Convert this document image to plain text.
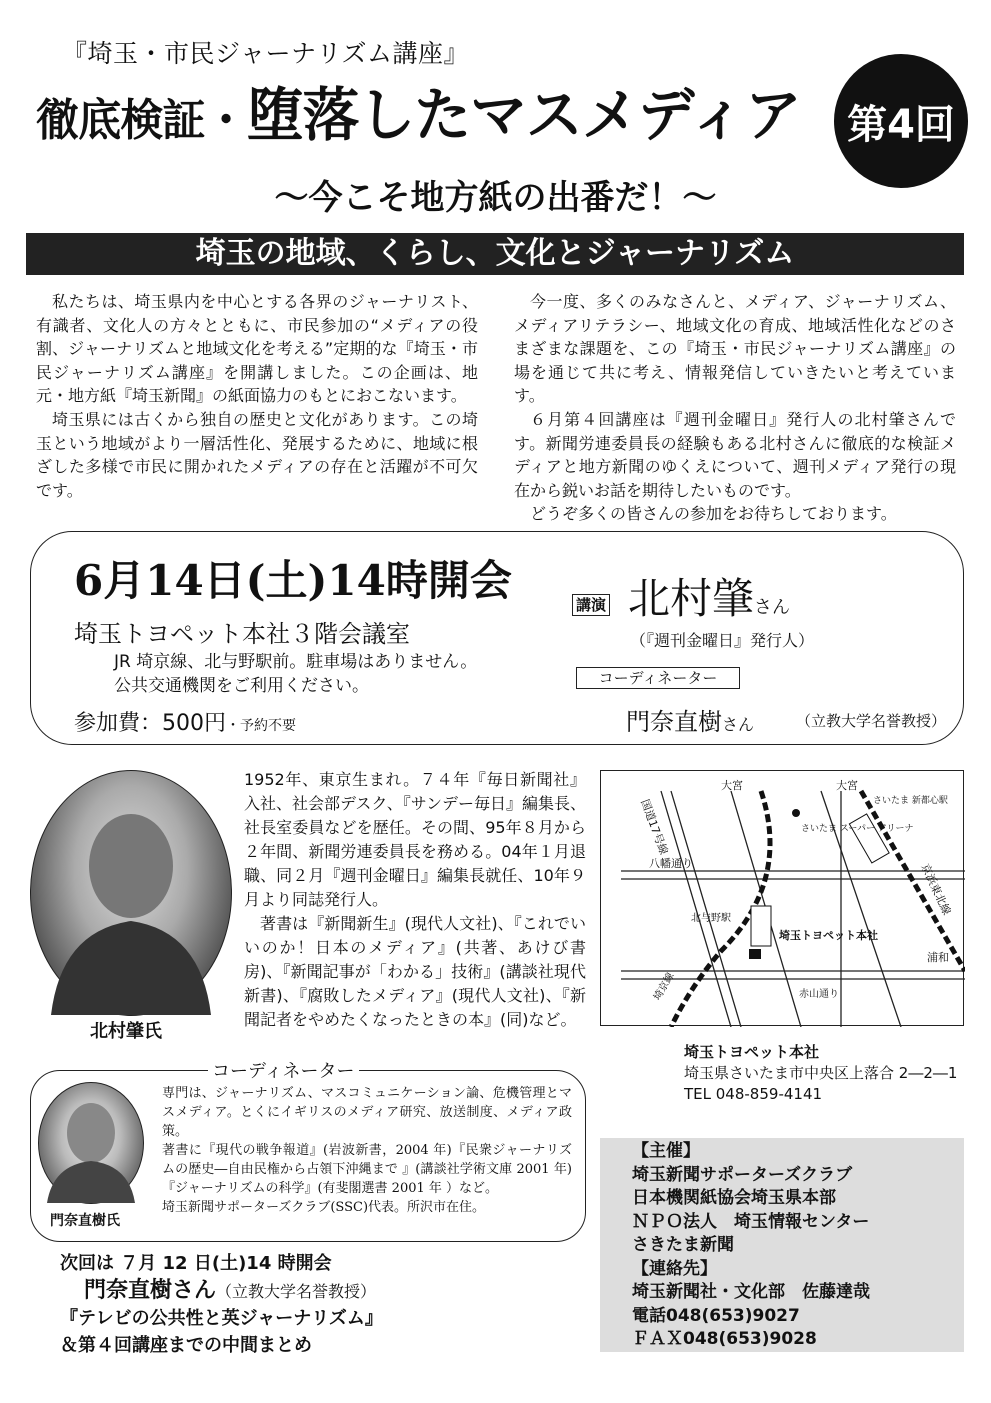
『埼玉・市民ジャーナリズム講座』
徹底検証・堕落したマスメディア	第4回
〜今こそ地方紙の出番だ！〜
埼玉の地域、くらし、文化とジャーナリズム

私たちは、埼玉県内を中心とする各界のジャーナリスト、有識者、文化人の方々とともに、市民参加の“メディアの役割、ジャーナリズムと地域文化を考える”定期的な『埼玉・市民ジャーナリズム講座』を開講しました。この企画は、地元・地方紙『埼玉新聞』の紙面協力のもとにおこないます。

埼玉県には古くから独自の歴史と文化があります。この埼玉という地域がより一層活性化、発展するために、地域に根ざした多様で市民に開かれたメディアの存在と活躍が不可欠です。

今一度、多くのみなさんと、メディア、ジャーナリズム、メディアリテラシー、地域文化の育成、地域活性化などのさまざまな課題を、この『埼玉・市民ジャーナリズム講座』の場を通じて共に考え、情報発信していきたいと考えています。

６月第４回講座は『週刊金曜日』発行人の北村肇さんです。新聞労連委員長の経験もある北村さんに徹底的な検証メディアと地方新聞のゆくえについて、週刊メディア発行の現在から鋭いお話を期待したいものです。

どうぞ多くの皆さんの参加をお待ちしております。

6月14日(土)14時開会
埼玉トヨペット本社３階会議室
JR 埼京線、北与野駅前。駐車場はありません。
公共交通機関をご利用ください。
参加費：500円・予約不要
講演 北村肇さん
（『週刊金曜日』発行人）
コーディネーター
門奈直樹さん	（立教大学名誉教授）
北村肇氏

1952年、東京生まれ。７４年『毎日新聞社』入社、社会部デスク、『サンデー毎日』編集長、社長室委員などを歴任。その間、95年８月から２年間、新聞労連委員長を務める。04年１月退職、同２月『週刊金曜日』編集長就任、10年９月より同誌発行人。

著書は『新聞新生』(現代人文社)、『これでいいのか！日本のメディア』(共著、あけび書房)、『新聞記事が「わかる」技術』(講談社現代新書)、『腐敗したメディア』(現代人文社)、『新聞記者をやめたくなったときの本』(同)など。

コーディネーター
門奈直樹氏

専門は、ジャーナリズム、マスコミュニケーション論、危機管理とマスメディア。とくにイギリスのメディア研究、放送制度、メディア政策。

著書に『現代の戦争報道』(岩波新書，2004 年)『民衆ジャーナリズムの歴史―自由民権から占領下沖縄まで 』(講談社学術文庫 2001 年)『ジャーナリズムの科学』(有斐閣選書 2001 年 ）など。

埼玉新聞サポーターズクラブ(SSC)代表。所沢市在住。

次回は ７月 12 日(土)14 時開会
門奈直樹さん（立教大学名誉教授）
『テレビの公共性と英ジャーナリズム』
＆第４回講座までの中間まとめ
大宮	大宮
国道17号線
八幡通り
さいたま スーパー アリーナ
さいたま 新都心駅
京浜東北線
北与野駅
埼玉トヨペット本社
浦和
赤山通り
埼京線
埼玉トヨペット本社
埼玉県さいたま市中央区上落合 2―2―1
TEL 048-859-4141
【主催】
埼玉新聞サポーターズクラブ
日本機関紙協会埼玉県本部
ＮＰＯ法人　埼玉情報センター
さきたま新聞
【連絡先】
埼玉新聞社・文化部　佐藤達哉
電話048(653)9027
ＦＡＸ048(653)9028
